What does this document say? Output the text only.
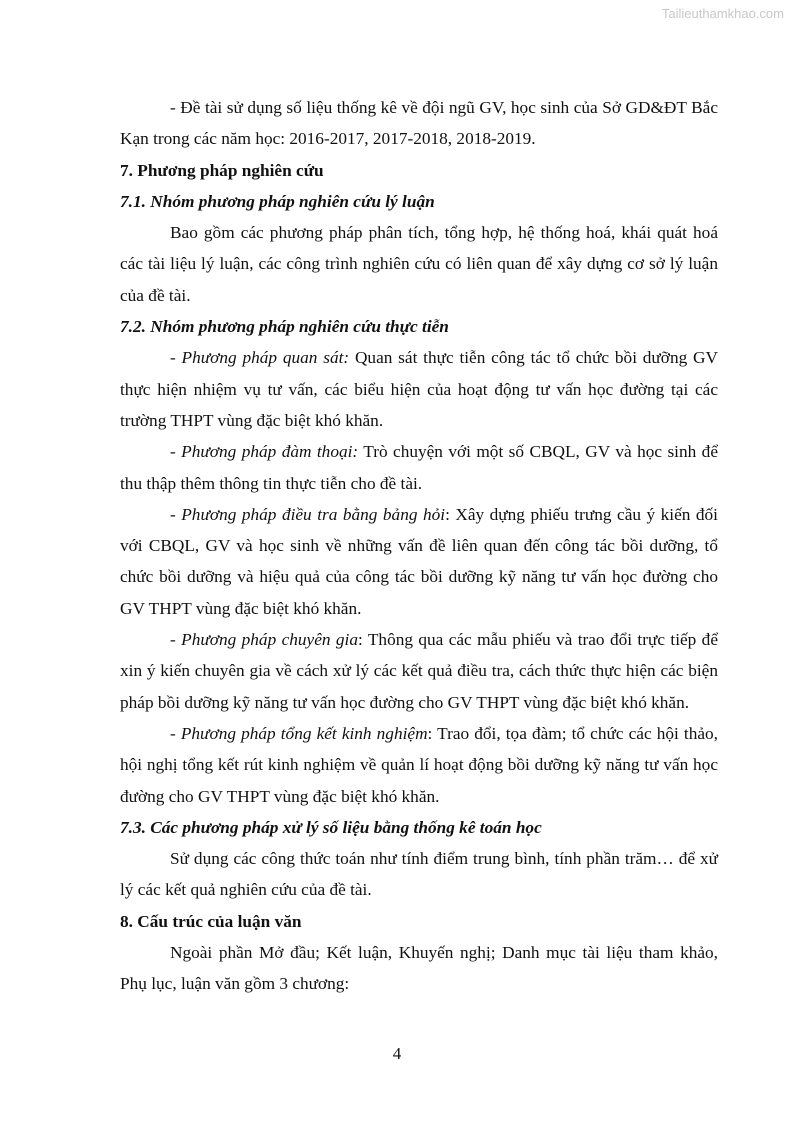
Tailieuthamkhao.com

- Đề tài sử dụng số liệu thống kê về đội ngũ GV, học sinh của Sở GD&ĐT Bắc Kạn trong các năm học: 2016-2017, 2017-2018, 2018-2019.

7. Phương pháp nghiên cứu

7.1. Nhóm phương pháp nghiên cứu lý luận

Bao gồm các phương pháp phân tích, tổng hợp, hệ thống hoá, khái quát hoá các tài liệu lý luận, các công trình nghiên cứu có liên quan để xây dựng cơ sở lý luận của đề tài.

7.2. Nhóm phương pháp nghiên cứu thực tiễn

- Phương pháp quan sát: Quan sát thực tiễn công tác tổ chức bồi dưỡng GV thực hiện nhiệm vụ tư vấn, các biểu hiện của hoạt động tư vấn học đường tại các trường THPT vùng đặc biệt khó khăn.

- Phương pháp đàm thoại: Trò chuyện với một số CBQL, GV và học sinh để thu thập thêm thông tin thực tiễn cho đề tài.

- Phương pháp điều tra bằng bảng hỏi: Xây dựng phiếu trưng cầu ý kiến đối với CBQL, GV và học sinh về những vấn đề liên quan đến công tác bồi dưỡng, tổ chức bồi dưỡng và hiệu quả của công tác bồi dưỡng kỹ năng tư vấn học đường cho GV THPT vùng đặc biệt khó khăn.

- Phương pháp chuyên gia: Thông qua các mẫu phiếu và trao đổi trực tiếp để xin ý kiến chuyên gia về cách xử lý các kết quả điều tra, cách thức thực hiện các biện pháp bồi dưỡng kỹ năng tư vấn học đường cho GV THPT vùng đặc biệt khó khăn.

- Phương pháp tổng kết kinh nghiệm: Trao đổi, tọa đàm; tổ chức các hội thảo, hội nghị tổng kết rút kinh nghiệm về quản lí hoạt động bồi dưỡng kỹ năng tư vấn học đường cho GV THPT vùng đặc biệt khó khăn.

7.3. Các phương pháp xử lý số liệu bằng thống kê toán học

Sử dụng các công thức toán như tính điểm trung bình, tính phần trăm… để xử lý các kết quả nghiên cứu của đề tài.

8. Cấu trúc của luận văn

Ngoài phần Mở đầu; Kết luận, Khuyến nghị; Danh mục tài liệu tham khảo, Phụ lục, luận văn gồm 3 chương:

4
